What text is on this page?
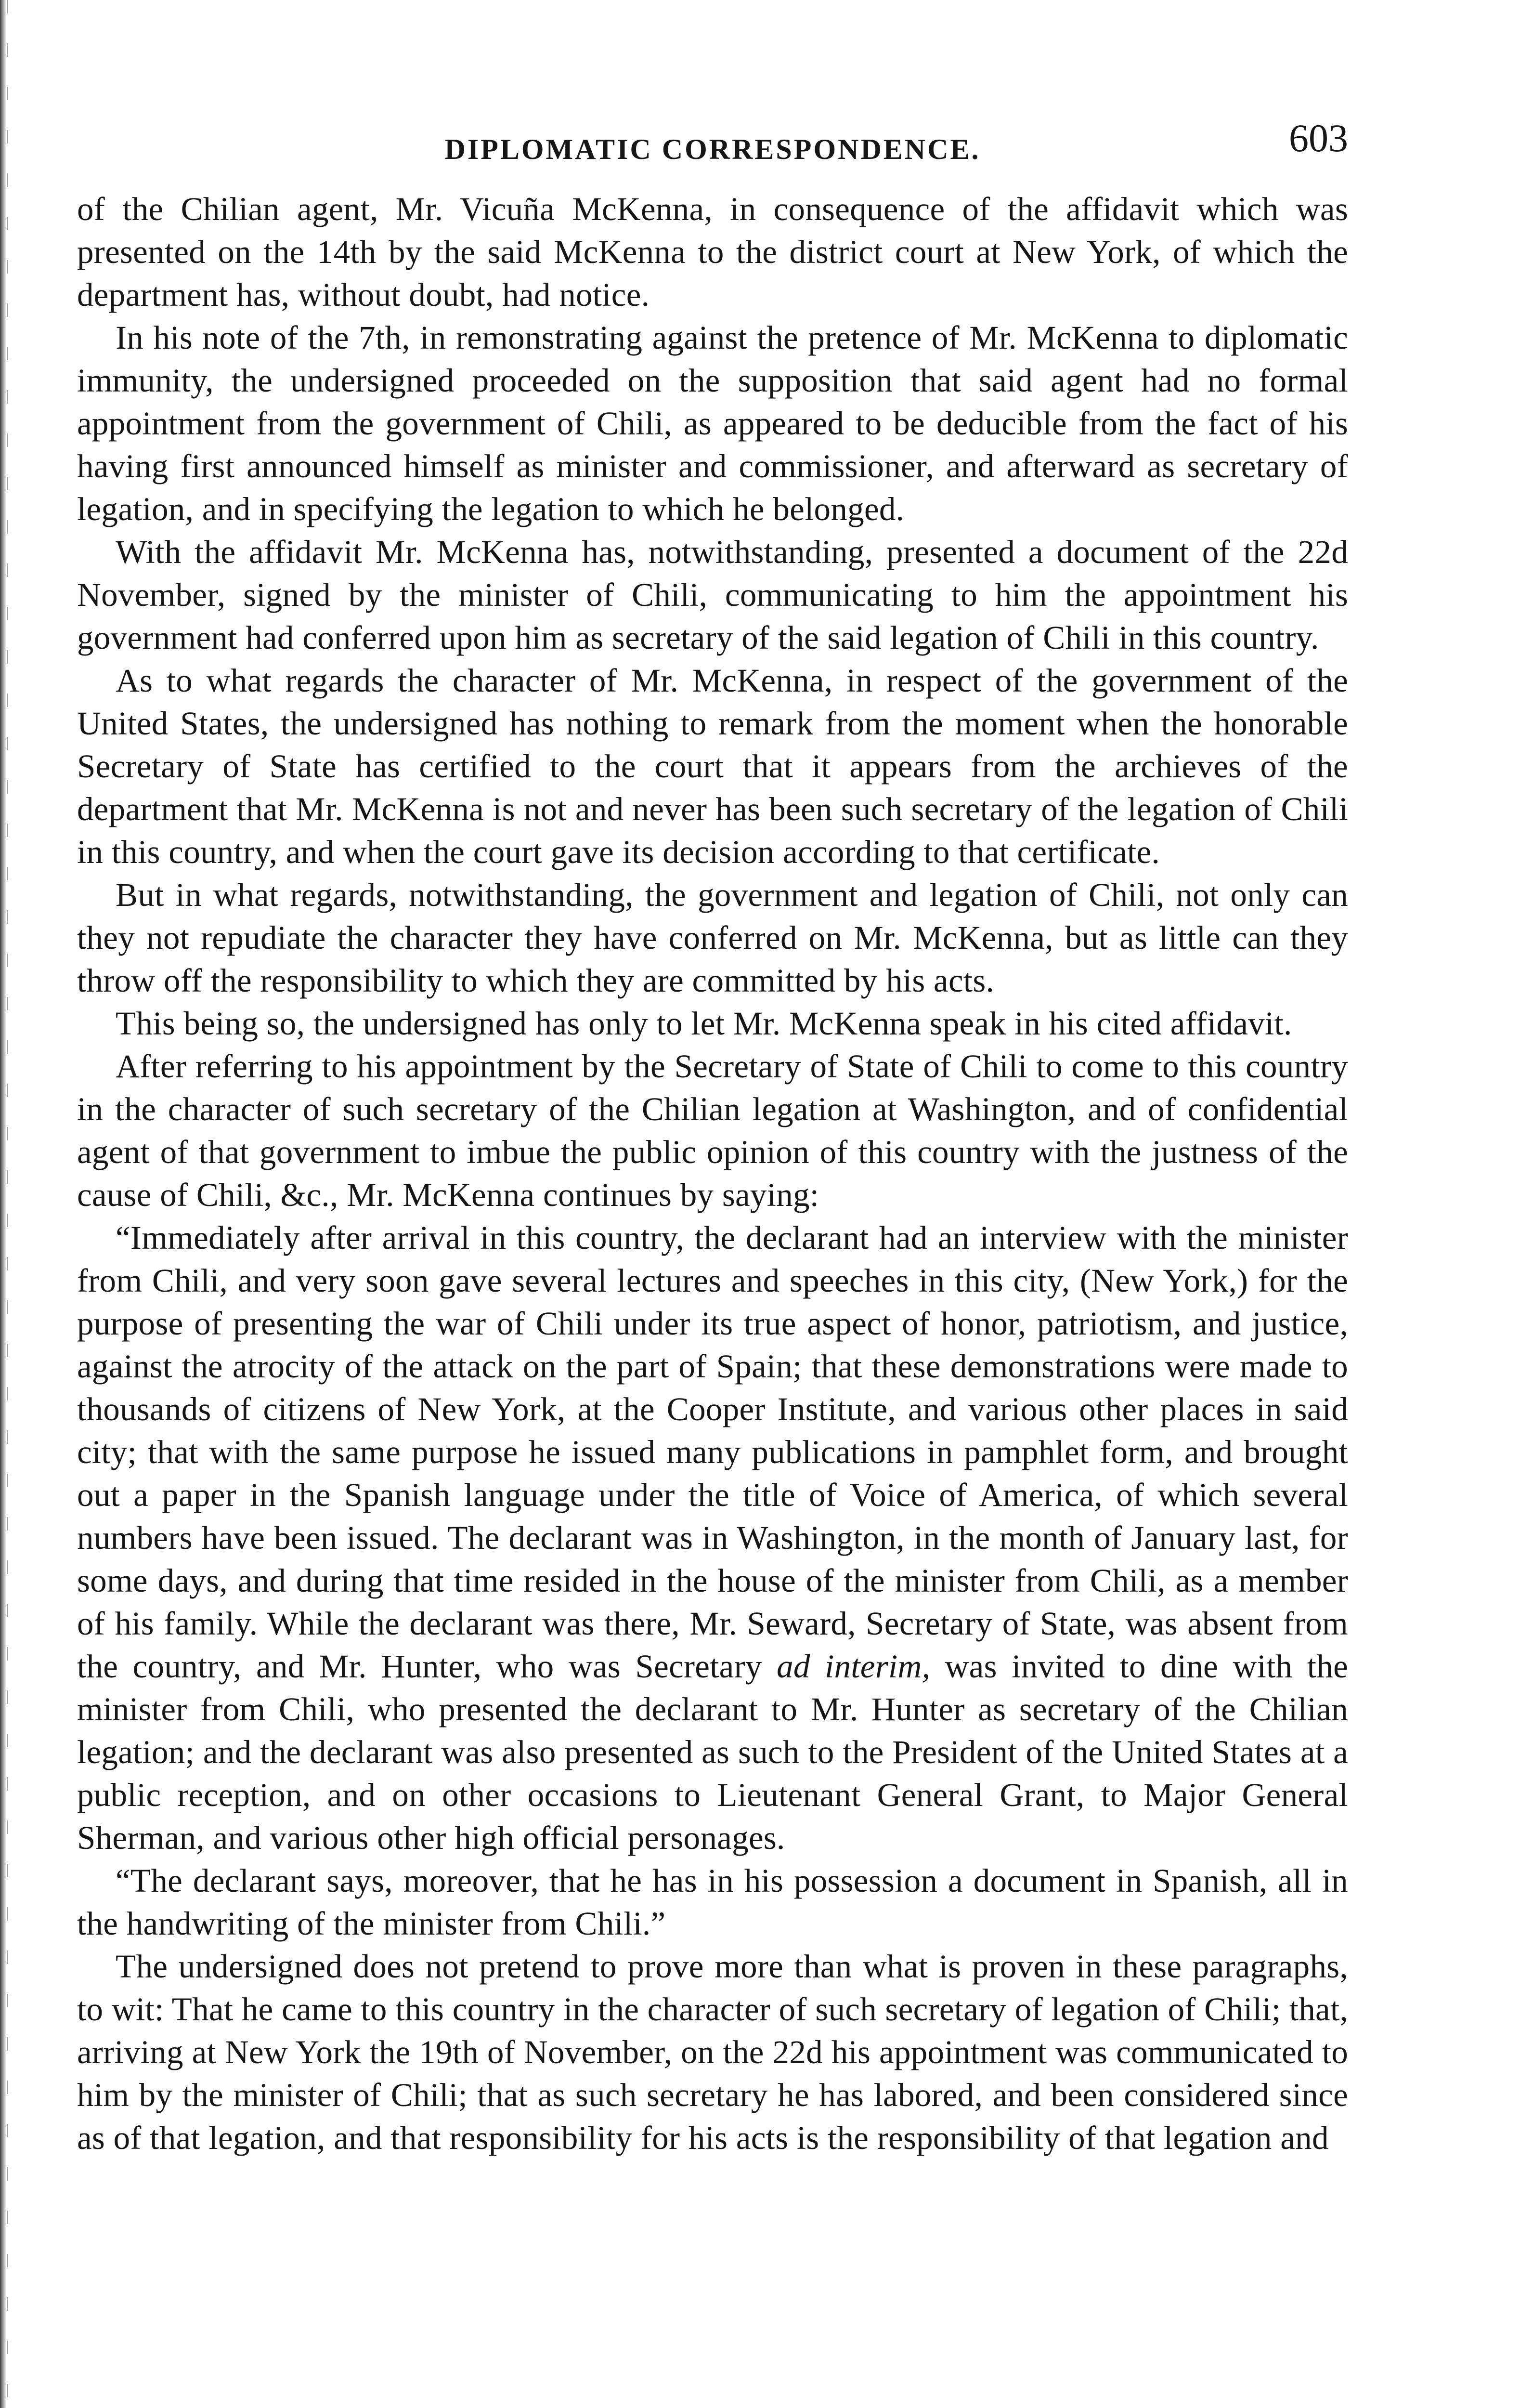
DIPLOMATIC CORRESPONDENCE.	603

of the Chilian agent, Mr. Vicuña McKenna, in consequence of the affidavit which was presented on the 14th by the said McKenna to the district court at New York, of which the department has, without doubt, had notice.

In his note of the 7th, in remonstrating against the pretence of Mr. McKenna to diplomatic immunity, the undersigned proceeded on the supposition that said agent had no formal appointment from the government of Chili, as appeared to be deducible from the fact of his having first announced himself as minister and commissioner, and afterward as secretary of legation, and in specifying the legation to which he belonged.

With the affidavit Mr. McKenna has, notwithstanding, presented a document of the 22d November, signed by the minister of Chili, communicating to him the appointment his government had conferred upon him as secretary of the said legation of Chili in this country.

As to what regards the character of Mr. McKenna, in respect of the government of the United States, the undersigned has nothing to remark from the moment when the honorable Secretary of State has certified to the court that it appears from the archieves of the department that Mr. McKenna is not and never has been such secretary of the legation of Chili in this country, and when the court gave its decision according to that certificate.

But in what regards, notwithstanding, the government and legation of Chili, not only can they not repudiate the character they have conferred on Mr. McKenna, but as little can they throw off the responsibility to which they are committed by his acts.

This being so, the undersigned has only to let Mr. McKenna speak in his cited affidavit.

After referring to his appointment by the Secretary of State of Chili to come to this country in the character of such secretary of the Chilian legation at Washington, and of confidential agent of that government to imbue the public opinion of this country with the justness of the cause of Chili, &c., Mr. McKenna continues by saying:

“Immediately after arrival in this country, the declarant had an interview with the minister from Chili, and very soon gave several lectures and speeches in this city, (New York,) for the purpose of presenting the war of Chili under its true aspect of honor, patriotism, and justice, against the atrocity of the attack on the part of Spain; that these demonstrations were made to thousands of citizens of New York, at the Cooper Institute, and various other places in said city; that with the same purpose he issued many publications in pamphlet form, and brought out a paper in the Spanish language under the title of Voice of America, of which several numbers have been issued. The declarant was in Washington, in the month of January last, for some days, and during that time resided in the house of the minister from Chili, as a member of his family. While the declarant was there, Mr. Seward, Secretary of State, was absent from the country, and Mr. Hunter, who was Secretary ad interim, was invited to dine with the minister from Chili, who presented the declarant to Mr. Hunter as secretary of the Chilian legation; and the declarant was also presented as such to the President of the United States at a public reception, and on other occasions to Lieutenant General Grant, to Major General Sherman, and various other high official personages.

“The declarant says, moreover, that he has in his possession a document in Spanish, all in the handwriting of the minister from Chili.”

The undersigned does not pretend to prove more than what is proven in these paragraphs, to wit: That he came to this country in the character of such secretary of legation of Chili; that, arriving at New York the 19th of November, on the 22d his appointment was communicated to him by the minister of Chili; that as such secretary he has labored, and been considered since as of that legation, and that responsibility for his acts is the responsibility of that legation and
